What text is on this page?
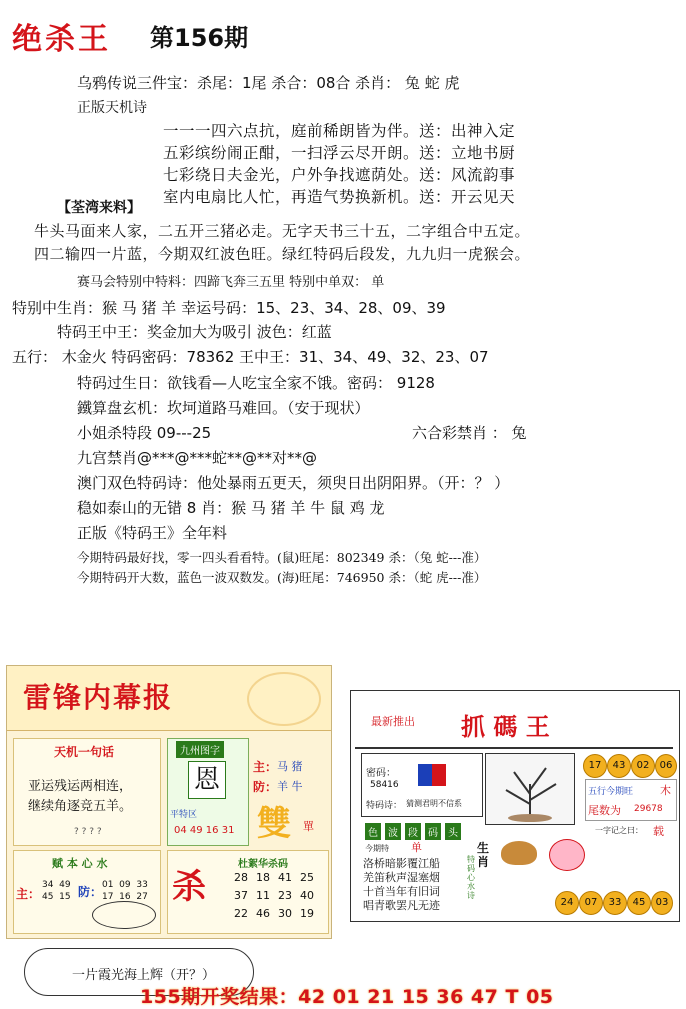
绝杀王 第156期
乌鸦传说三件宝：杀尾：1尾 杀合：08合 杀肖： 兔 蛇 虎
正版天机诗
一一一四六点抗，庭前稀朗皆为伴。送：出神入定
五彩缤纷闹正酣，一扫浮云尽开朗。送：立地书厨
七彩绕日夫金光，户外争找遮荫处。送：风流韵事
室内电扇比人忙，再造气势换新机。送：开云见天
【荃湾来料】
牛头马面来人家，二五开三猪必走。无字天书三十五，二字组合中五定。
四二输四一片蓝，今期双红波色旺。绿红特码后段发，九九归一虎猴会。
赛马会特别中特料：四蹄飞奔三五里 特别中单双： 单
特别中生肖：猴 马 猪 羊 幸运号码：15、23、34、28、09、39
特码王中王：奖金加大为吸引 波色：红蓝
五行： 木金火 特码密码：78362 王中王：31、34、49、32、23、07
特码过生日：欲钱看—人吃宝全家不饿。密码： 9128
鐵算盘玄机：坎坷道路马难回。（安于现状）
小姐杀特段 09---25	六合彩禁肖 ： 兔
九宫禁肖@***@***蛇**@**对**@
澳门双色特码诗：他处暴雨五更天，须臾日出阴阳界。（开：？ ）
稳如泰山的无错 8 肖：猴 马 猪 羊 牛 鼠 鸡 龙
正版《特码王》全年料
今期特码最好找，零一四头看看特。(鼠)旺尾：802349 杀：（兔 蛇---准）
今期特码开大数，蓝色一波双数发。(海)旺尾：746950 杀：（蛇 虎---准）
雷锋内幕报
天机一句话
亚运残运两相连，
继续角逐竞五羊。
? ? ? ?
九州图字
恩
平特区
04 49 16 31
主： 马 猪
防： 羊 牛
雙 單
赋 本 心 水
主：
34  49
45  15 防： 01  09  33
17  16  27 杀
杜絮华杀码
28 18 41 25
37 11 23 40
22 46 30 19
最新推出 抓 碼 王
密码：
58416
特码诗： 猜测君明不信系
17	43	02	06
五行今期旺 木
尾数为 29678
一字记之曰： 载
色 波 段 码 头
今期特 单	生
肖
特
码
心
水
诗
洛桥暗影覆江船
羌笛秋声湿塞烟
十首当年有旧词
唱青歌罢凡无迹	24	07	33	45	03
一片霞光海上辉（开？）
155期开奖结果：42 01 21 15 36 47 T 05
